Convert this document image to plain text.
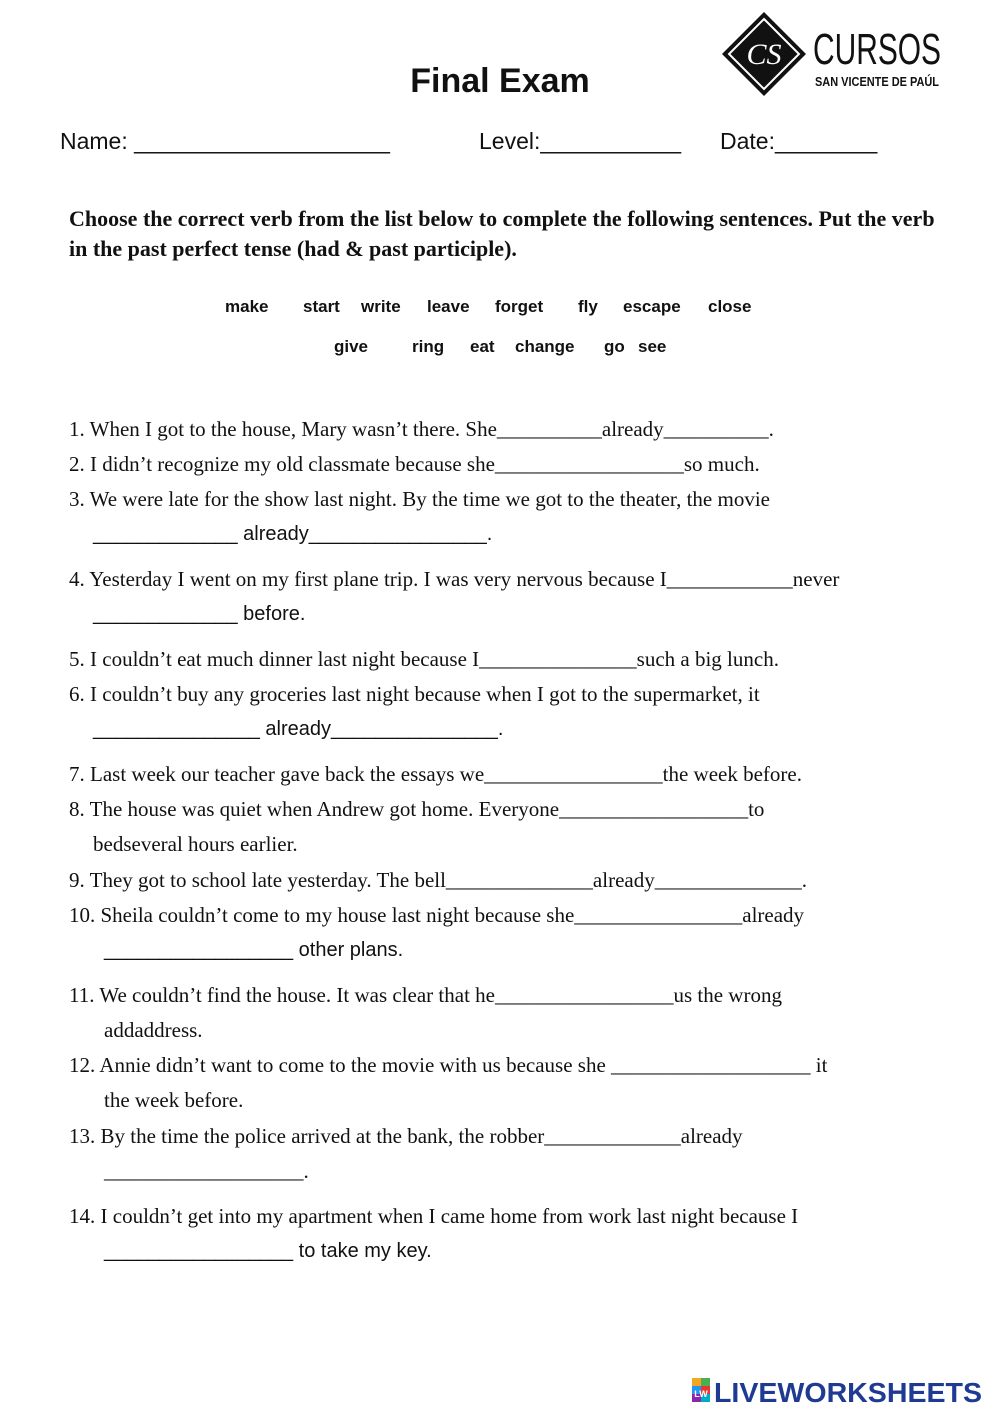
CS CURSOS
SAN VICENTE DE PAÚL
Final Exam
Name: ____________________	Level:___________ Date:________
Choose the correct verb from the list below to complete the following sentences. Put the verb in the past perfect tense (had & past participle).
make start write leave forget fly escape close
give	ring eat change go see
1. When I got to the house, Mary wasn’t there. She__________already__________.
2. I didn’t recognize my old classmate because she__________________so much.
3. We were late for the show last night. By the time we got to the theater, the movie
_____________ already________________.
4. Yesterday I went on my first plane trip. I was very nervous because I____________never
_____________ before.
5. I couldn’t eat much dinner last night because I_______________such a big lunch.
6. I couldn’t buy any groceries last night because when I got to the supermarket, it
_______________ already_______________.
7. Last week our teacher gave back the essays we_________________the week before.
8. The house was quiet when Andrew got home. Everyone__________________to
bedseveral hours earlier.
9. They got to school late yesterday. The bell______________already______________.
10. Sheila couldn’t come to my house last night because she________________already
_________________ other plans.
11. We couldn’t find the house. It was clear that he_________________us the wrong
addaddress.
12. Annie didn’t want to come to the movie with us because she ___________________ it
the week before.
13. By the time the police arrived at the bank, the robber_____________already
___________________.
14. I couldn’t get into my apartment when I came home from work last night because I
_________________ to take my key.
LW LIVEWORKSHEETS
